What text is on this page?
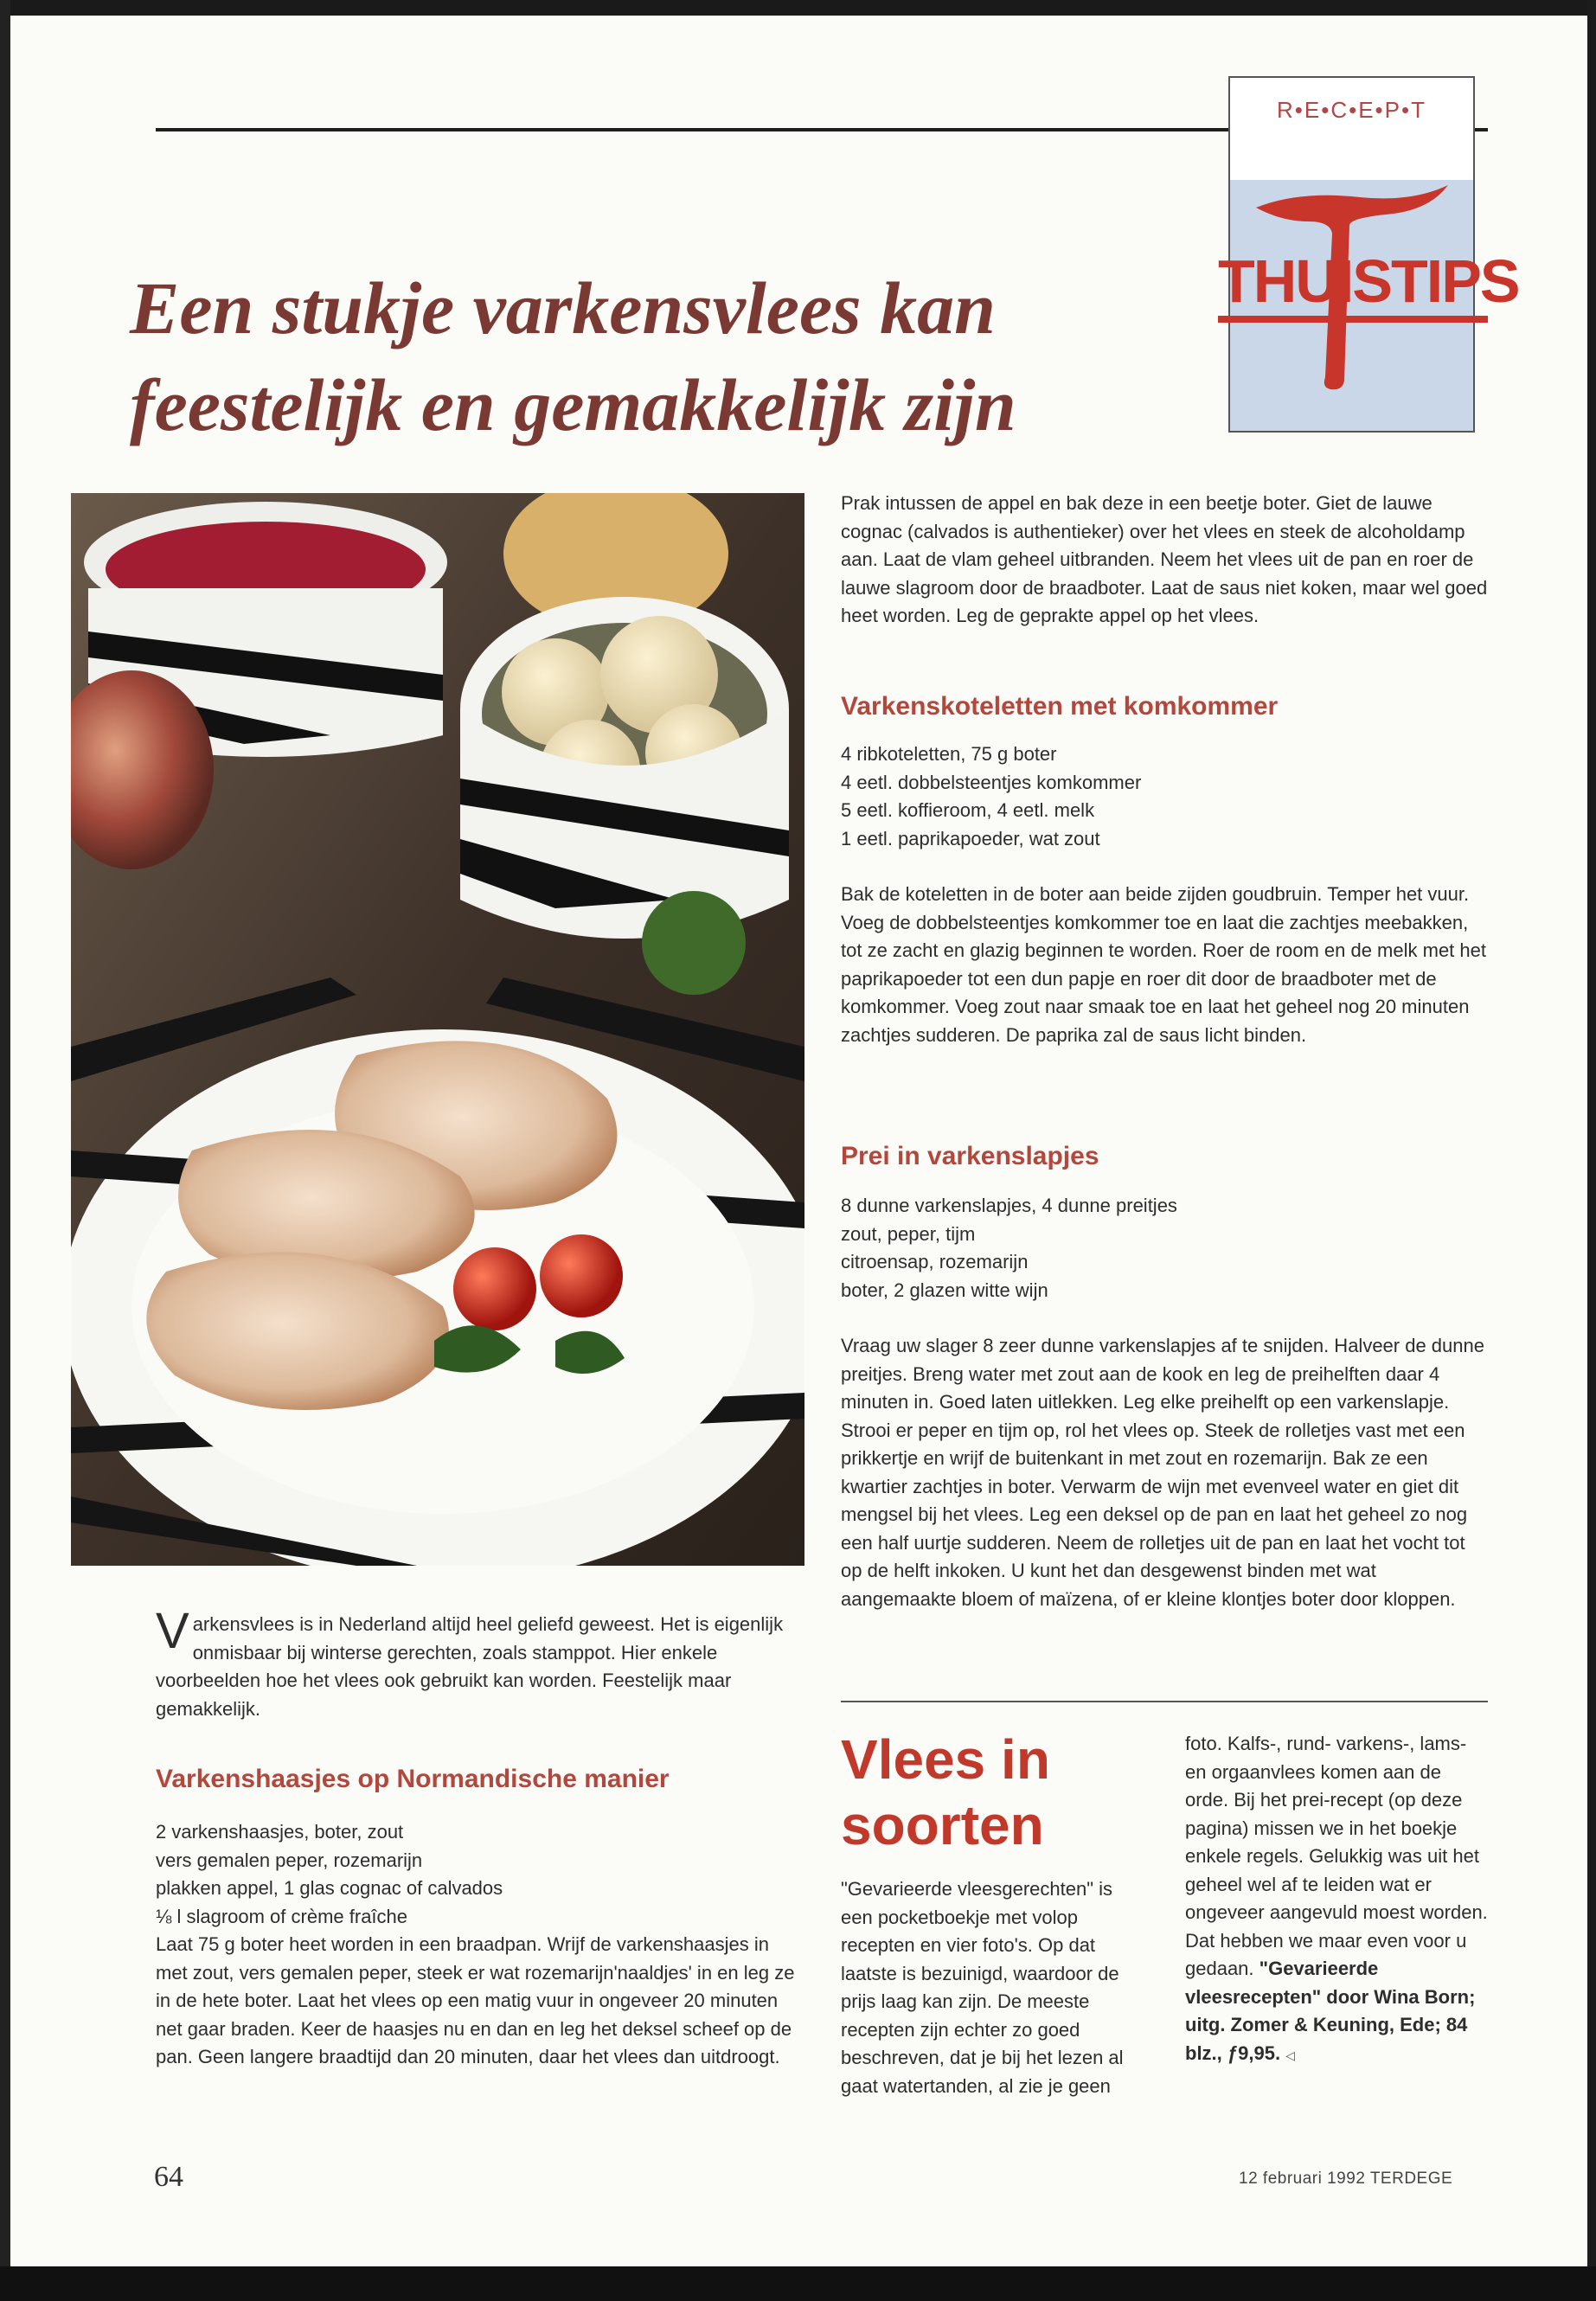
Een stukje varkensvlees kan
feestelijk en gemakkelijk zijn
R•E•C•E•P•T
THUISTIPS

Varkensvlees is in Nederland altijd heel geliefd geweest. Het is eigenlijk onmisbaar bij winterse gerechten, zoals stamppot. Hier enkele voorbeelden hoe het vlees ook gebruikt kan worden. Feestelijk maar gemakkelijk.

Varkenshaasjes op Normandische manier
2 varkenshaasjes, boter, zout
vers gemalen peper, rozemarijn
plakken appel, 1 glas cognac of calvados
⅛ l slagroom of crème fraîche

Laat 75 g boter heet worden in een braadpan. Wrijf de varkenshaasjes in met zout, vers gemalen peper, steek er wat rozemarijn'naaldjes' in en leg ze in de hete boter. Laat het vlees op een matig vuur in ongeveer 20 minuten net gaar braden. Keer de haasjes nu en dan en leg het deksel scheef op de pan. Geen langere braadtijd dan 20 minuten, daar het vlees dan uitdroogt.

Prak intussen de appel en bak deze in een beetje boter. Giet de lauwe cognac (calvados is authentieker) over het vlees en steek de alcoholdamp aan. Laat de vlam geheel uitbranden. Neem het vlees uit de pan en roer de lauwe slagroom door de braadboter. Laat de saus niet koken, maar wel goed heet worden. Leg de geprakte appel op het vlees.

Varkenskoteletten met komkommer
4 ribkoteletten, 75 g boter
4 eetl. dobbelsteentjes komkommer
5 eetl. koffieroom, 4 eetl. melk
1 eetl. paprikapoeder, wat zout

Bak de koteletten in de boter aan beide zijden goudbruin. Temper het vuur. Voeg de dobbelsteentjes komkommer toe en laat die zachtjes meebakken, tot ze zacht en glazig beginnen te worden. Roer de room en de melk met het paprikapoeder tot een dun papje en roer dit door de braadboter met de komkommer. Voeg zout naar smaak toe en laat het geheel nog 20 minuten zachtjes sudderen. De paprika zal de saus licht binden.

Prei in varkenslapjes
8 dunne varkenslapjes, 4 dunne preitjes
zout, peper, tijm
citroensap, rozemarijn
boter, 2 glazen witte wijn

Vraag uw slager 8 zeer dunne varkenslapjes af te snijden. Halveer de dunne preitjes. Breng water met zout aan de kook en leg de preihelften daar 4 minuten in. Goed laten uitlekken. Leg elke preihelft op een varkenslapje. Strooi er peper en tijm op, rol het vlees op. Steek de rolletjes vast met een prikkertje en wrijf de buitenkant in met zout en rozemarijn. Bak ze een kwartier zachtjes in boter. Verwarm de wijn met evenveel water en giet dit mengsel bij het vlees. Leg een deksel op de pan en laat het geheel zo nog een half uurtje sudderen. Neem de rolletjes uit de pan en laat het vocht tot op de helft inkoken. U kunt het dan desgewenst binden met wat aangemaakte bloem of maïzena, of er kleine klontjes boter door kloppen.

Vlees in
soorten

"Gevarieerde vleesgerechten" is een pocketboekje met volop recepten en vier foto's. Op dat laatste is bezuinigd, waardoor de prijs laag kan zijn. De meeste recepten zijn echter zo goed beschreven, dat je bij het lezen al gaat watertanden, al zie je geen

foto. Kalfs-, rund- varkens-, lams- en orgaanvlees komen aan de orde. Bij het prei-recept (op deze pagina) missen we in het boekje enkele regels. Gelukkig was uit het geheel wel af te leiden wat er ongeveer aangevuld moest worden. Dat hebben we maar even voor u gedaan. "Gevarieerde vleesrecepten" door Wina Born; uitg. Zomer & Keuning, Ede; 84 blz., ƒ9,95. ◁

64	12 februari 1992 TERDEGE
